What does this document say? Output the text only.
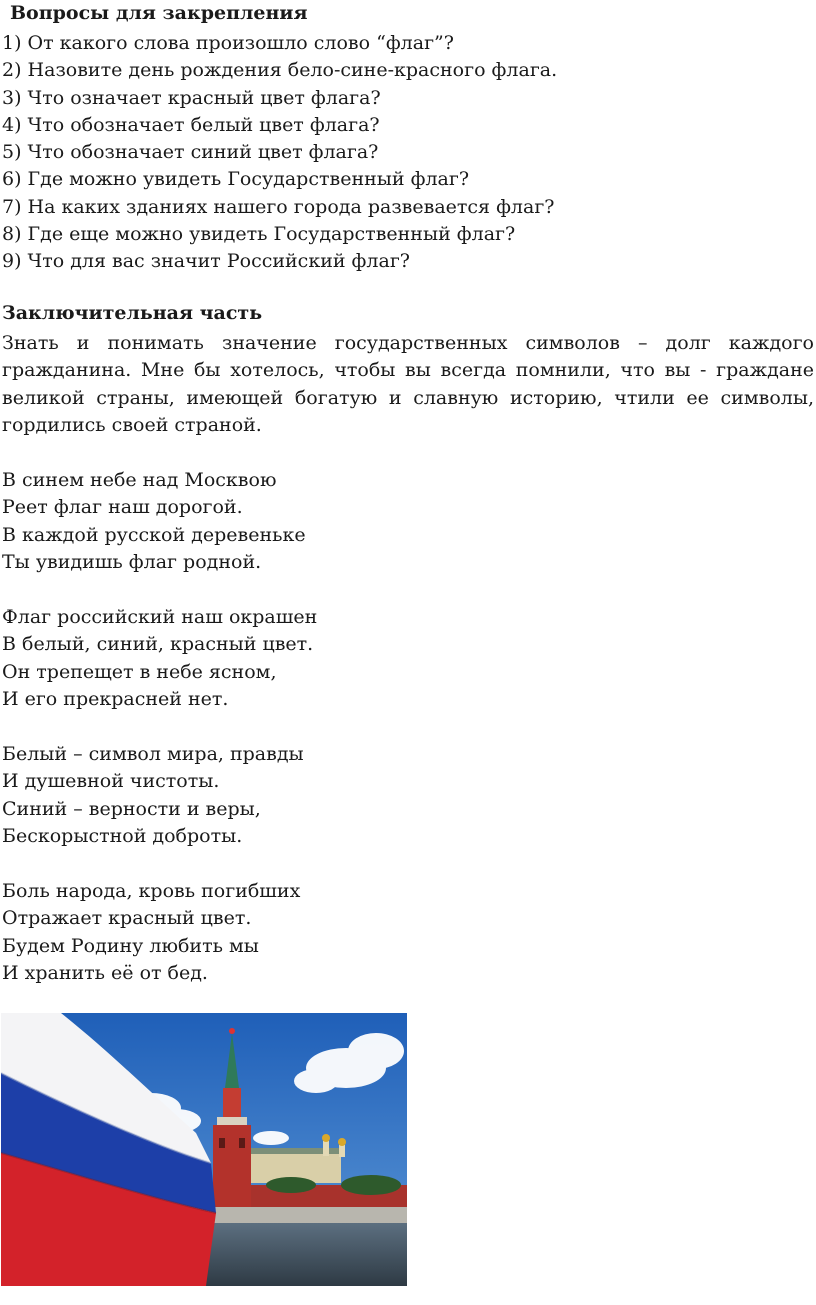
Вопросы для закрепления
1) От какого слова произошло слово “флаг”?
2) Назовите день рождения бело-сине-красного флага.
3) Что означает красный цвет флага?
4) Что обозначает белый цвет флага?
5) Что обозначает синий цвет флага?
6) Где можно увидеть Государственный флаг?
7) На каких зданиях нашего города развевается флаг?
8) Где еще можно увидеть Государственный флаг?
9) Что для вас значит Российский флаг?
Заключительная часть
Знать и понимать значение государственных символов – долг каждого гражданина. Мне бы хотелось, чтобы вы всегда помнили, что вы - граждане великой страны, имеющей богатую и славную историю, чтили ее символы, гордились своей страной.
В синем небе над Москвою
Реет флаг наш дорогой.
В каждой русской деревеньке
Ты увидишь флаг родной.
Флаг российский наш окрашен
В белый, синий, красный цвет.
Он трепещет в небе ясном,
И его прекрасней нет.
Белый – символ мира, правды
И душевной чистоты.
Синий – верности и веры,
Бескорыстной доброты.
Боль народа, кровь погибших
Отражает красный цвет.
Будем Родину любить мы
И хранить её от бед.
